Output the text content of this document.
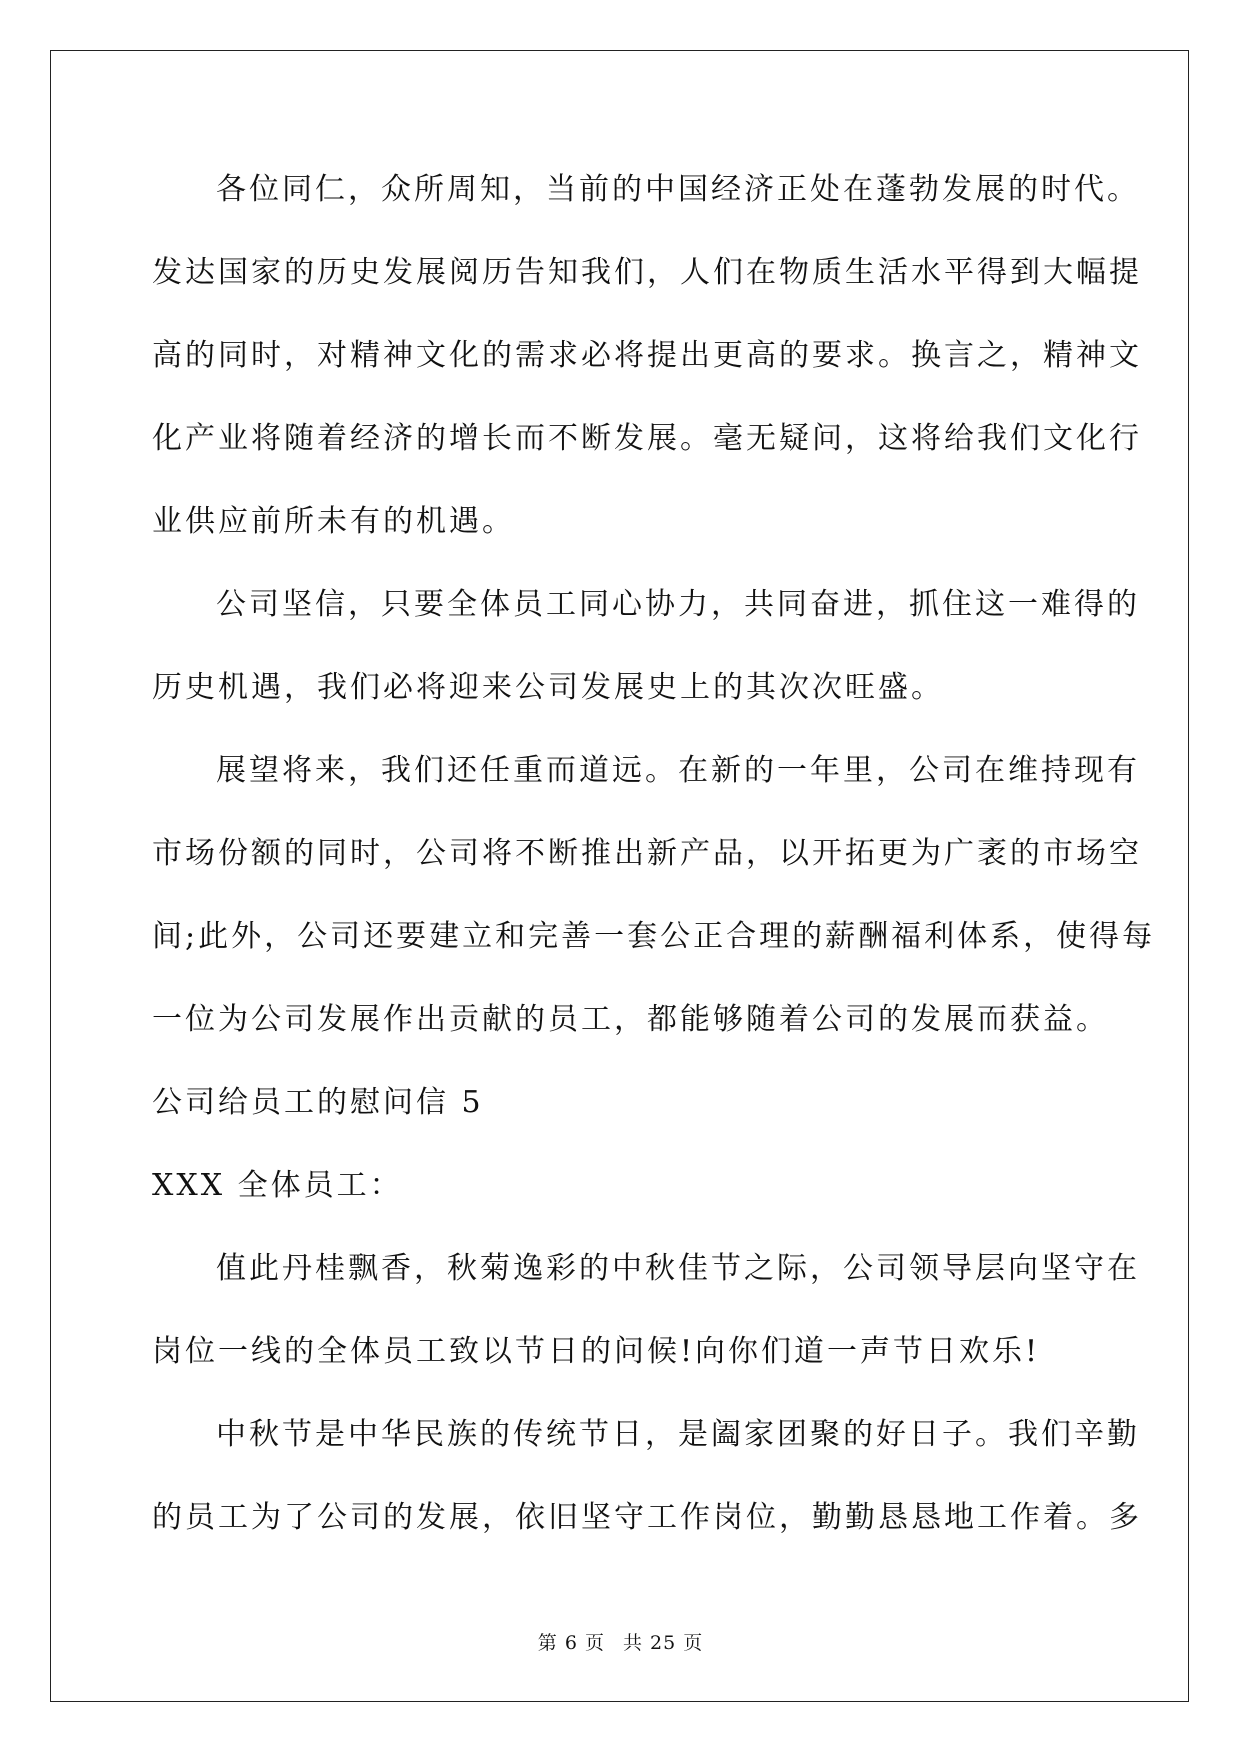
各位同仁，众所周知，当前的中国经济正处在蓬勃发展的时代。
发达国家的历史发展阅历告知我们，人们在物质生活水平得到大幅提
高的同时，对精神文化的需求必将提出更高的要求。换言之，精神文
化产业将随着经济的增长而不断发展。毫无疑问，这将给我们文化行
业供应前所未有的机遇。
公司坚信，只要全体员工同心协力，共同奋进，抓住这一难得的
历史机遇，我们必将迎来公司发展史上的其次次旺盛。
展望将来，我们还任重而道远。在新的一年里，公司在维持现有
市场份额的同时，公司将不断推出新产品，以开拓更为广袤的市场空
间;此外，公司还要建立和完善一套公正合理的薪酬福利体系，使得每
一位为公司发展作出贡献的员工，都能够随着公司的发展而获益。
公司给员工的慰问信 5
XXX 全体员工：
值此丹桂飘香，秋菊逸彩的中秋佳节之际，公司领导层向坚守在
岗位一线的全体员工致以节日的问候!向你们道一声节日欢乐!
中秋节是中华民族的传统节日，是阖家团聚的好日子。我们辛勤
的员工为了公司的发展，依旧坚守工作岗位，勤勤恳恳地工作着。多
第 6 页 共 25 页
